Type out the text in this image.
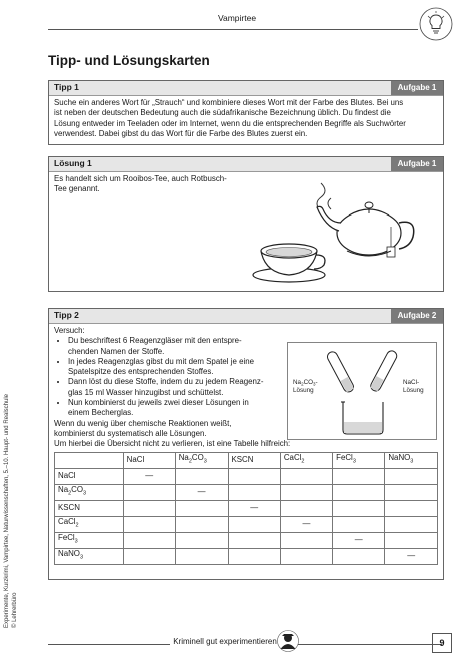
Vampirtee
Tipp- und Lösungskarten
Tipp 1	Aufgabe 1
Suche ein anderes Wort für „Strauch“ und kombiniere dieses Wort mit der Farbe des Blutes. Bei uns
ist neben der deutschen Bedeutung auch die südafrikanische Bezeichnung üblich. Du findest die
Lösung entweder im Teeladen oder im Internet, wenn du die entsprechenden Begriffe als Suchwörter
verwendest. Dabei gibst du das Wort für die Farbe des Blutes zuerst ein.
Lösung 1	Aufgabe 1
Es handelt sich um Rooibos-Tee, auch Rotbusch-
Tee genannt.
Tipp 2	Aufgabe 2
Versuch:
• Du beschriftest 6 Reagenzgläser mit den entspre-
chenden Namen der Stoffe.
• In jedes Reagenzglas gibst du mit dem Spatel je eine
Spatelspitze des entsprechenden Stoffes.
• Dann löst du diese Stoffe, indem du zu jedem Reagenz-
glas 15 ml Wasser hinzugibst und schüttelst.
• Nun kombinierst du jeweils zwei dieser Lösungen in
einem Becherglas.
Wenn du wenig über chemische Reaktionen weißt,
kombinierst du systematisch alle Lösungen.
Um hierbei die Übersicht nicht zu verlieren, ist eine Tabelle hilfreich:
	NaCl	$Na_2CO_3$	KSCN	CaCl$_2$	FeCl$_3$	NaNO$_3$
NaCl	—					
$Na_2CO_3$		—				
KSCN			—			
CaCl$_2$				—		
FeCl$_3$					—	
NaNO$_3$						—
$Na_2CO_3-$
Lösung
NaCl-
Lösung
Experimente, Kurzkrimi, Vampirtee, Naturwissenschaften, 5.–10. Haupt- und Realschule © Lehrerbüro
Kriminell gut experimentieren	9
